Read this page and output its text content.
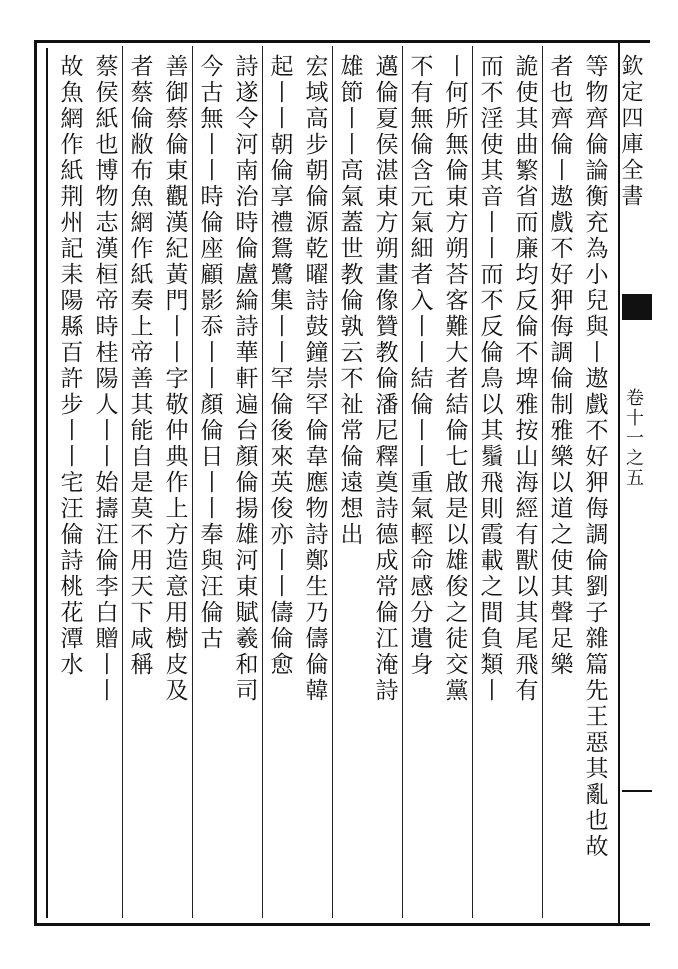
欽定四庫全書
卷十一之五
等物齊倫論衡充為小兒與丨遨戲不好狎侮調倫劉子雜篇先王惡其亂也故
者也齊倫丨遨戲不好狎侮調倫制雅樂以道之使其聲足樂
詭使其曲繁省而廉均反倫不埤雅按山海經有獸以其尾飛有
而不淫使其音丨丨而不反倫鳥以其鬚飛則霞載之間負類丨
丨何所無倫東方朔荅客難大者結倫七啟是以雄俊之徒交黨
不有無倫含元氣細者入丨丨結倫丨丨重氣輕命感分遺身
邁倫夏侯湛東方朔畫像贊教倫潘尼釋奠詩德成常倫江淹詩
雄節丨丨高氣蓋世教倫孰云不祉常倫遠想出
宏域高步朝倫源乾曜詩鼓鐘崇罕倫韋應物詩鄭生乃儔倫韓
起丨丨朝倫享禮鴛鷺集丨丨罕倫後來英俊亦丨丨儔倫愈
詩遂令河南治時倫盧綸詩華軒遍台顏倫揚雄河東賦羲和司
今古無丨丨時倫座顧影忝丨丨顏倫日丨丨奉與汪倫古
善御蔡倫東觀漢紀黃門丨丨字敬仲典作上方造意用樹皮及
者蔡倫敝布魚網作紙奏上帝善其能自是莫不用天下咸稱
蔡侯紙也博物志漢桓帝時桂陽人丨丨始擣汪倫李白贈丨丨
故魚網作紙荆州記耒陽縣百許步丨丨宅汪倫詩桃花潭水
